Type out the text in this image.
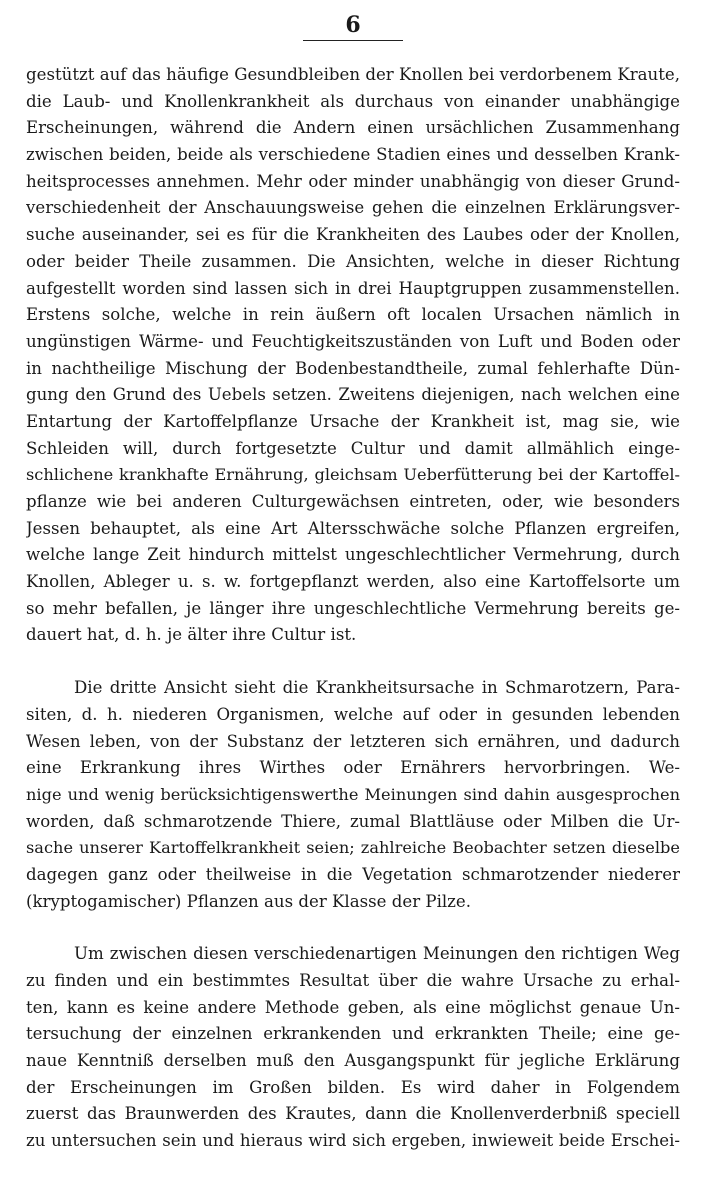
6
gestützt auf das häufige Gesundbleiben der Knollen bei verdorbenem Kraute,
die Laub- und Knollenkrankheit als durchaus von einander unabhängige
Erscheinungen, während die Andern einen ursächlichen Zusammenhang
zwischen beiden, beide als verschiedene Stadien eines und desselben Krank-
heitsprocesses annehmen. Mehr oder minder unabhängig von dieser Grund-
verschiedenheit der Anschauungsweise gehen die einzelnen Erklärungsver-
suche auseinander, sei es für die Krankheiten des Laubes oder der Knollen,
oder beider Theile zusammen. Die Ansichten, welche in dieser Richtung
aufgestellt worden sind lassen sich in drei Hauptgruppen zusammenstellen.
Erstens solche, welche in rein äußern oft localen Ursachen nämlich in
ungünstigen Wärme- und Feuchtigkeitszuständen von Luft und Boden oder
in nachtheilige Mischung der Bodenbestandtheile, zumal fehlerhafte Dün-
gung den Grund des Uebels setzen. Zweitens diejenigen, nach welchen eine
Entartung der Kartoffelpflanze Ursache der Krankheit ist, mag sie, wie
Schleiden will, durch fortgesetzte Cultur und damit allmählich einge-
schlichene krankhafte Ernährung, gleichsam Ueberfütterung bei der Kartoffel-
pflanze wie bei anderen Culturgewächsen eintreten, oder, wie besonders
Jessen behauptet, als eine Art Altersschwäche solche Pflanzen ergreifen,
welche lange Zeit hindurch mittelst ungeschlechtlicher Vermehrung, durch
Knollen, Ableger u. s. w. fortgepflanzt werden, also eine Kartoffelsorte um
so mehr befallen, je länger ihre ungeschlechtliche Vermehrung bereits ge-
dauert hat, d. h. je älter ihre Cultur ist.
Die dritte Ansicht sieht die Krankheitsursache in Schmarotzern, Para-
siten, d. h. niederen Organismen, welche auf oder in gesunden lebenden
Wesen leben, von der Substanz der letzteren sich ernähren, und dadurch
eine Erkrankung ihres Wirthes oder Ernährers hervorbringen. We-
nige und wenig berücksichtigenswerthe Meinungen sind dahin ausgesprochen
worden, daß schmarotzende Thiere, zumal Blattläuse oder Milben die Ur-
sache unserer Kartoffelkrankheit seien; zahlreiche Beobachter setzen dieselbe
dagegen ganz oder theilweise in die Vegetation schmarotzender niederer
(kryptogamischer) Pflanzen aus der Klasse der Pilze.
Um zwischen diesen verschiedenartigen Meinungen den richtigen Weg
zu finden und ein bestimmtes Resultat über die wahre Ursache zu erhal-
ten, kann es keine andere Methode geben, als eine möglichst genaue Un-
tersuchung der einzelnen erkrankenden und erkrankten Theile; eine ge-
naue Kenntniß derselben muß den Ausgangspunkt für jegliche Erklärung
der Erscheinungen im Großen bilden. Es wird daher in Folgendem
zuerst das Braunwerden des Krautes, dann die Knollenverderbniß speciell
zu untersuchen sein und hieraus wird sich ergeben, inwieweit beide Erschei-
